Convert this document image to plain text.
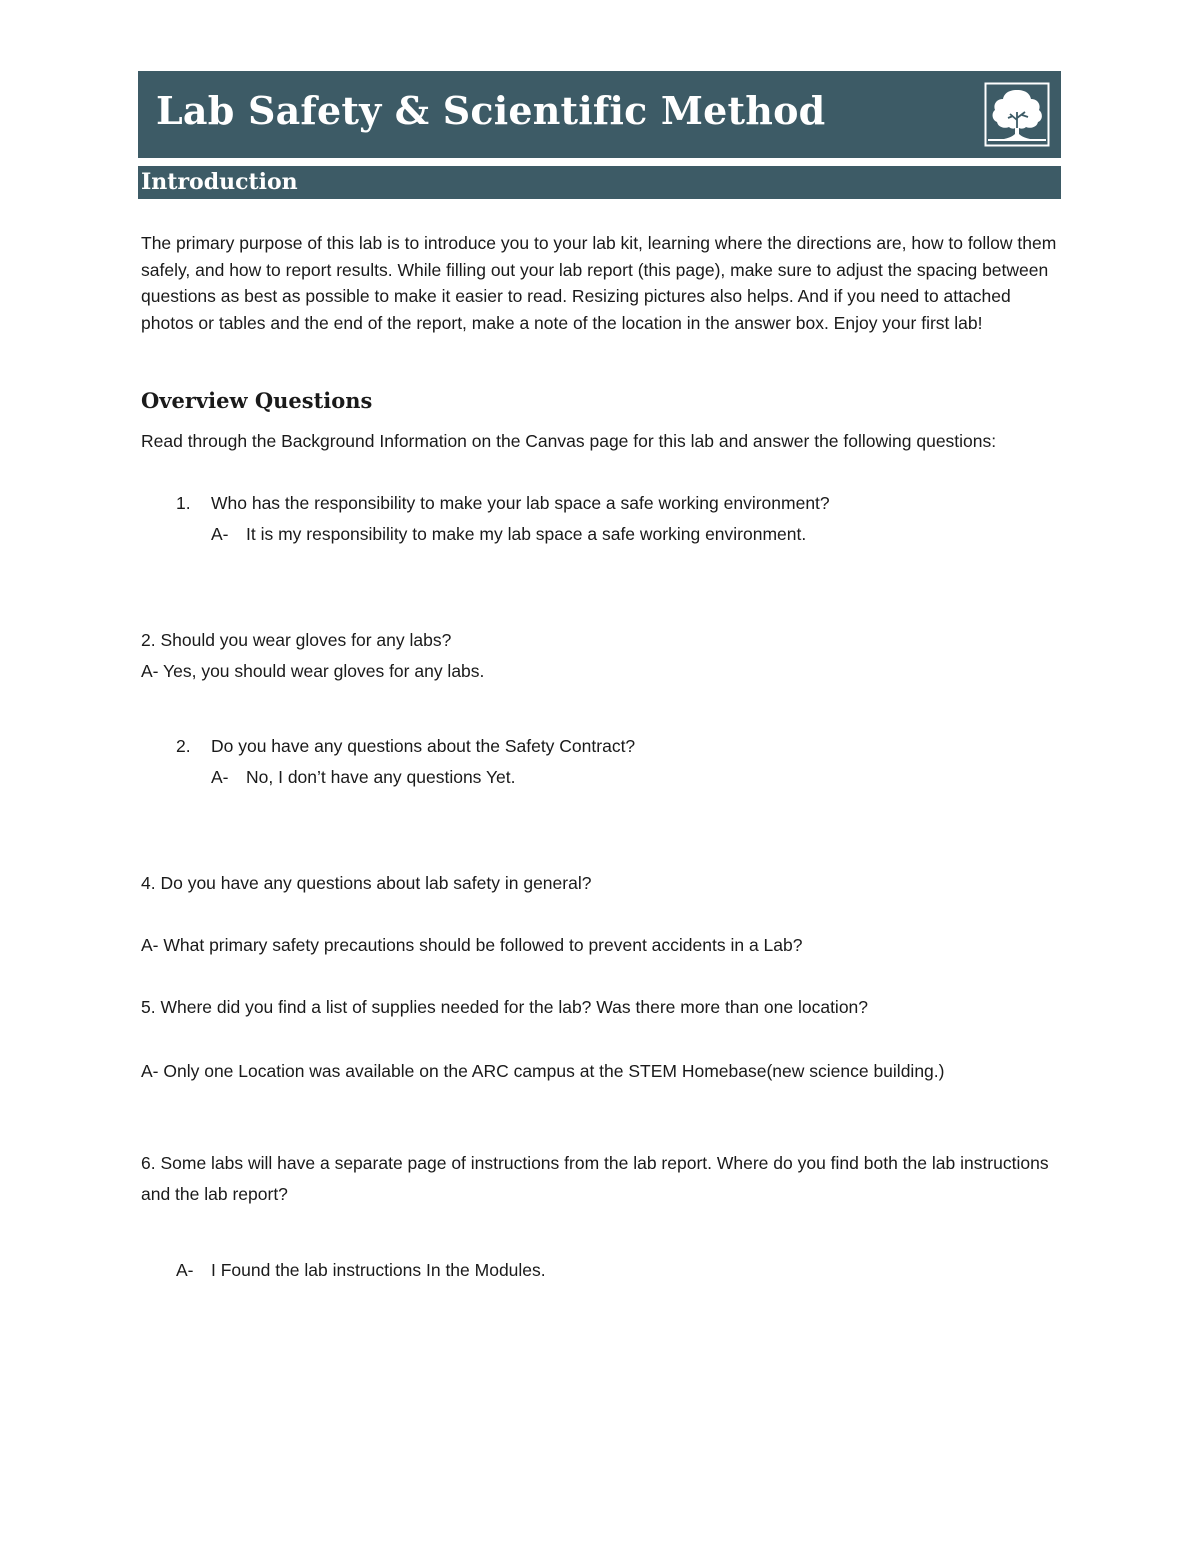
Lab Safety & Scientific Method
Introduction

The primary purpose of this lab is to introduce you to your lab kit, learning where the directions are, how to follow them safely, and how to report results. While filling out your lab report (this page), make sure to adjust the spacing between questions as best as possible to make it easier to read. Resizing pictures also helps. And if you need to attached photos or tables and the end of the report, make a note of the location in the answer box. Enjoy your first lab!

Overview Questions

Read through the Background Information on the Canvas page for this lab and answer the following questions:

1. Who has the responsibility to make your lab space a safe working environment?
A- It is my responsibility to make my lab space a safe working environment.

2. Should you wear gloves for any labs?

A- Yes, you should wear gloves for any labs.

2. Do you have any questions about the Safety Contract?
A- No, I don’t have any questions Yet.

4. Do you have any questions about lab safety in general?

A- What primary safety precautions should be followed to prevent accidents in a Lab?

5. Where did you find a list of supplies needed for the lab? Was there more than one location?

A- Only one Location was available on the ARC campus at the STEM Homebase(new science building.)

6. Some labs will have a separate page of instructions from the lab report. Where do you find both the lab instructions and the lab report?

A- I Found the lab instructions In the Modules.
